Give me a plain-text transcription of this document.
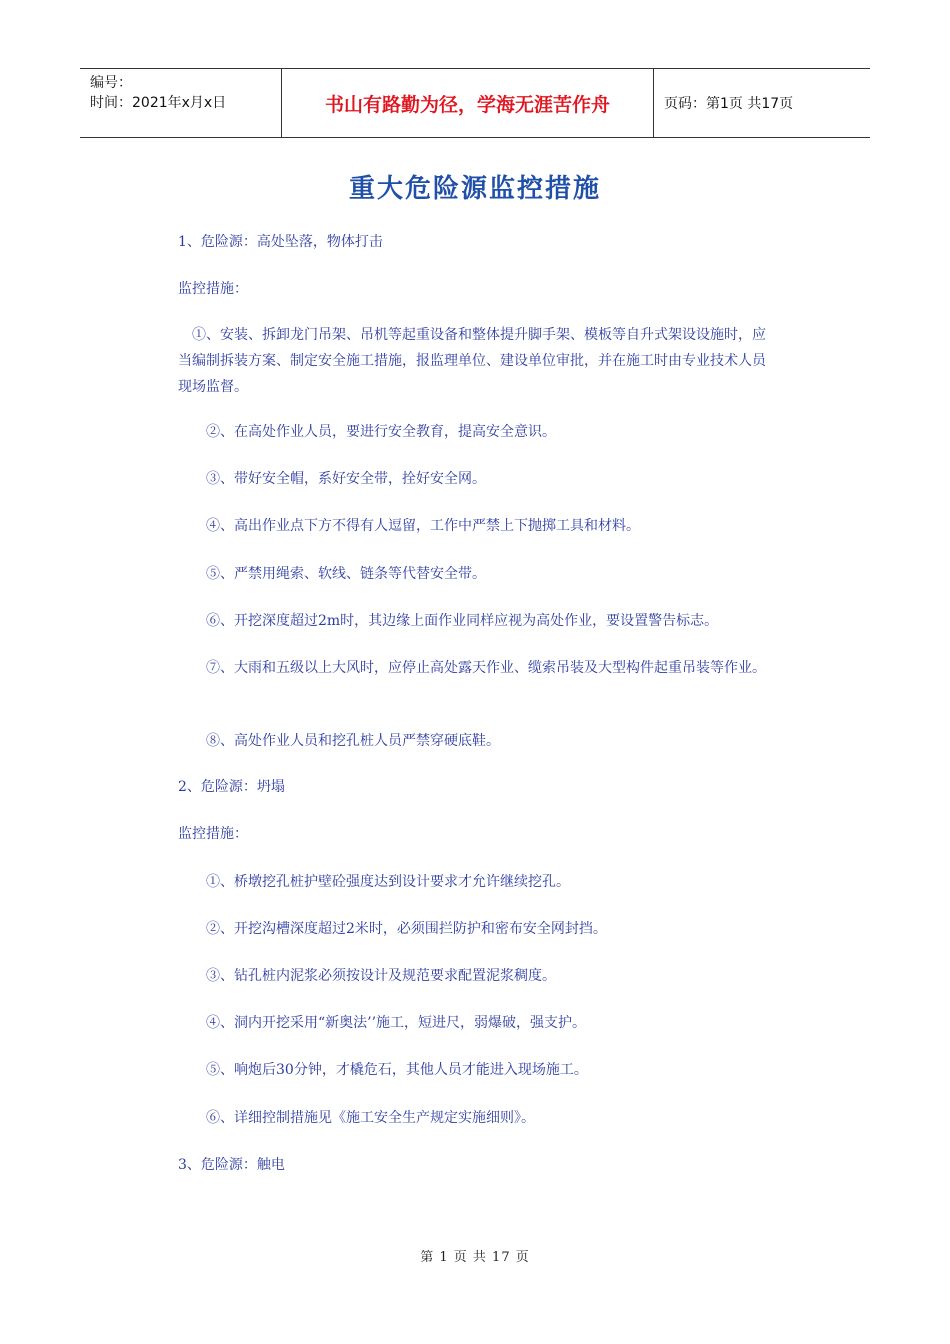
编号：
时间：2021年x月x日	书山有路勤为径，学海无涯苦作舟	页码：第1页 共17页
重大危险源监控措施

1、危险源：高处坠落，物体打击

监控措施：

①、安装、拆卸龙门吊架、吊机等起重设备和整体提升脚手架、模板等自升式架设设施时，应当编制拆装方案、制定安全施工措施，报监理单位、建设单位审批，并在施工时由专业技术人员现场监督。

②、在高处作业人员，要进行安全教育，提高安全意识。

③、带好安全帽，系好安全带，拴好安全网。

④、高出作业点下方不得有人逗留，工作中严禁上下抛掷工具和材料。

⑤、严禁用绳索、软线、链条等代替安全带。

⑥、开挖深度超过2m时，其边缘上面作业同样应视为高处作业，要设置警告标志。

⑦、大雨和五级以上大风时，应停止高处露天作业、缆索吊装及大型构件起重吊装等作业。

⑧、高处作业人员和挖孔桩人员严禁穿硬底鞋。

2、危险源：坍塌

监控措施：

①、桥墩挖孔桩护壁砼强度达到设计要求才允许继续挖孔。

②、开挖沟槽深度超过2米时，必须围拦防护和密布安全网封挡。

③、钻孔桩内泥浆必须按设计及规范要求配置泥浆稠度。

④、洞内开挖采用“新奥法’’施工，短进尺，弱爆破，强支护。

⑤、响炮后30分钟，才橇危石，其他人员才能进入现场施工。

⑥、详细控制措施见《施工安全生产规定实施细则》。

3、危险源：触电

第 1 页 共 17 页
